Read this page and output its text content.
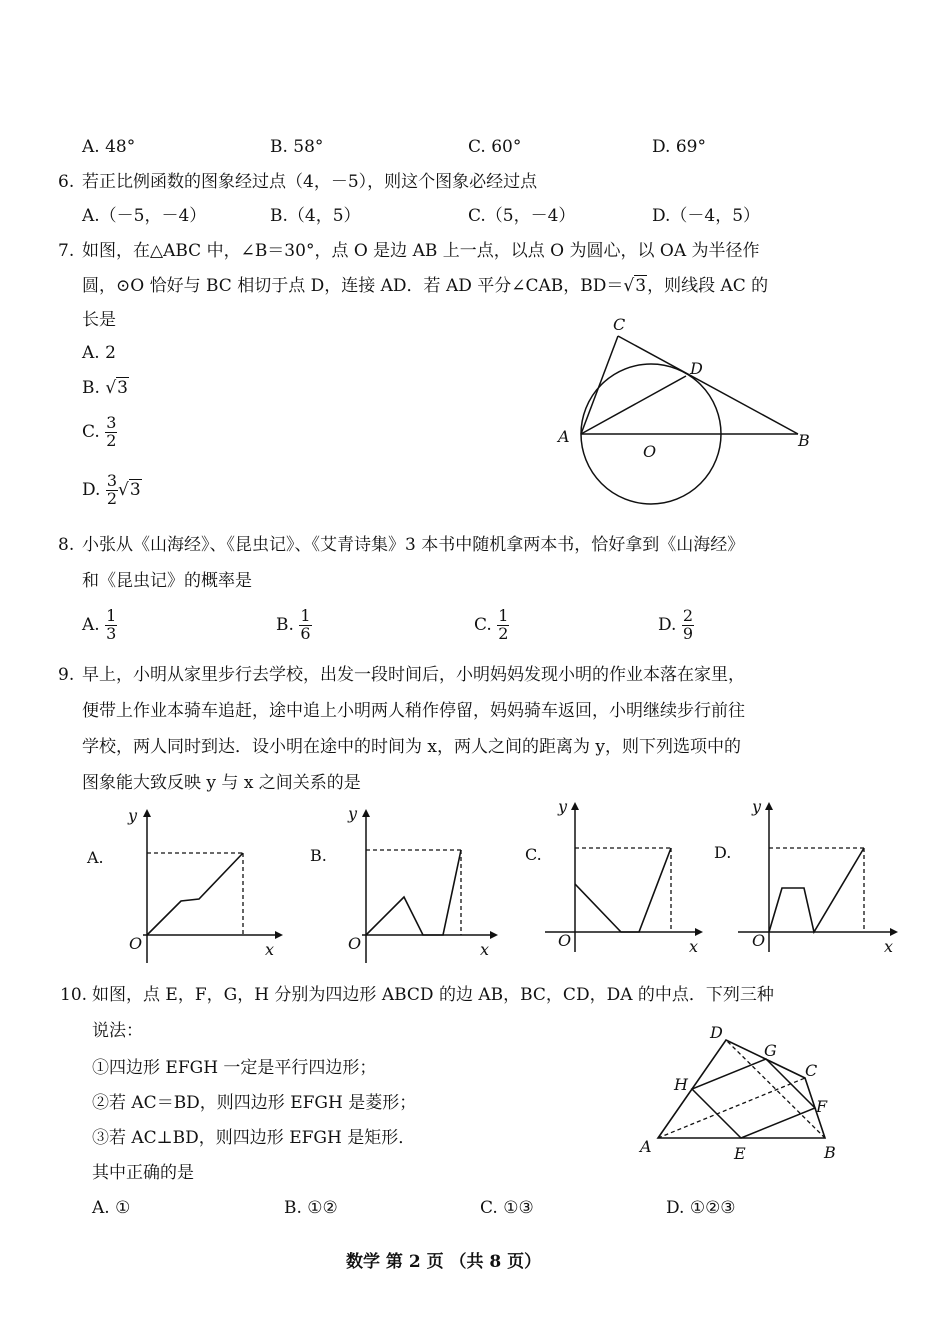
A. 48°	B. 58°	C. 60°	D. 69°
6. 若正比例函数的图象经过点（4，－5），则这个图象必经过点
A.（－5，－4）	B.（4，5）	C.（5，－4）	D.（－4，5）
7. 如图，在△ABC 中，∠B＝30°，点 O 是边 AB 上一点，以点 O 为圆心，以 OA 为半径作
圆，⊙O 恰好与 BC 相切于点 D，连接 AD．若 AD 平分∠CAB，BD＝√3，则线段 AC 的
长是
A. 2
B. √3
C. $\frac{3}{2}$
D. $\frac{3}{2} √3$
C
D
A
O
B
8. 小张从《山海经》、《昆虫记》、《艾青诗集》3 本书中随机拿两本书，恰好拿到《山海经》
和《昆虫记》的概率是
A. $\frac{1}{3}$	B. $\frac{1}{6}$	C. $\frac{1}{2}$	D. $\frac{2}{9}$
9. 早上，小明从家里步行去学校，出发一段时间后，小明妈妈发现小明的作业本落在家里，
便带上作业本骑车追赶，途中追上小明两人稍作停留，妈妈骑车返回，小明继续步行前往
学校，两人同时到达．设小明在途中的时间为 x，两人之间的距离为 y，则下列选项中的
图象能大致反映 y 与 x 之间关系的是
A.
y
x
O
B.
y
x
O
C.
y
x
O
D.
y
x
O
10. 如图，点 E，F，G，H 分别为四边形 ABCD 的边 AB，BC，CD，DA 的中点．下列三种
说法：
①四边形 EFGH 一定是平行四边形；
②若 AC＝BD，则四边形 EFGH 是菱形；
③若 AC⊥BD，则四边形 EFGH 是矩形．
其中正确的是
A. ①	B. ①②	C. ①③	D. ①②③
D
G
C
H
F
A	E	B
数学 第 2 页 （共 8 页）
